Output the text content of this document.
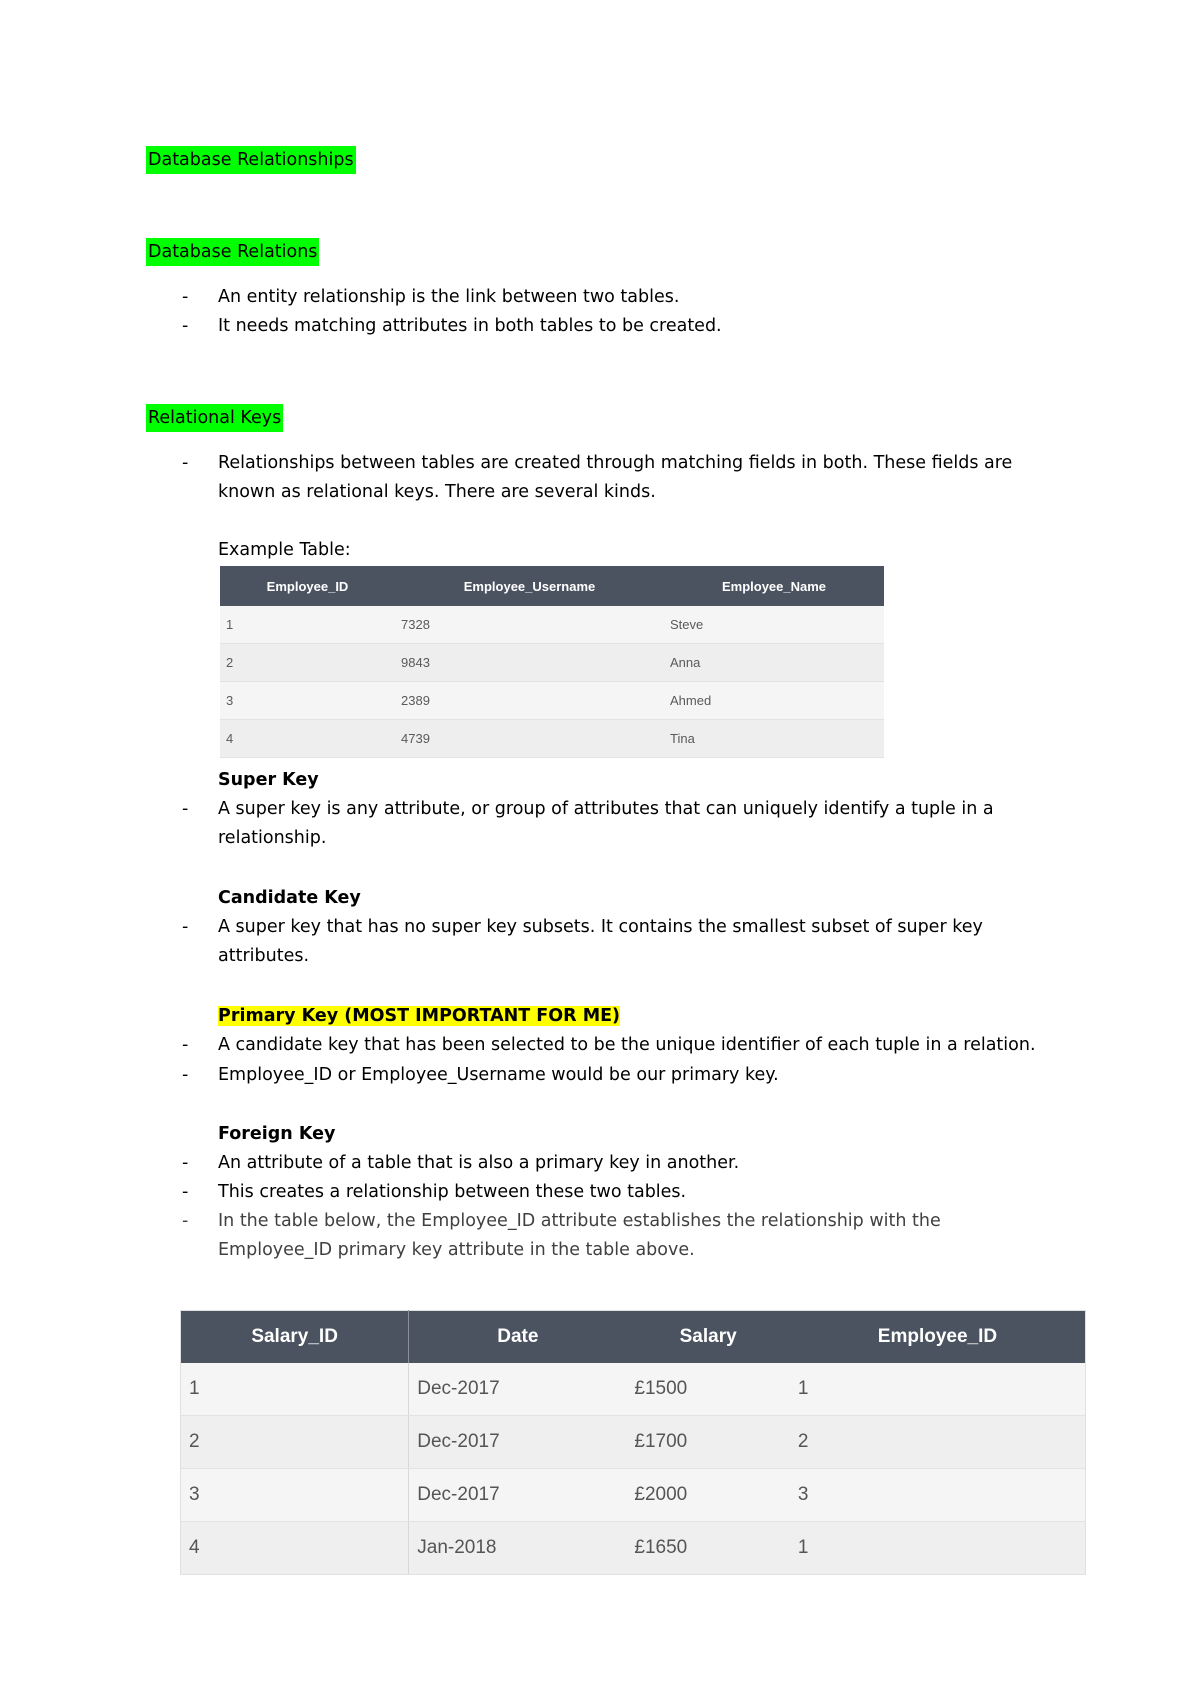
Database Relationships
Database Relations
- An entity relationship is the link between two tables.
- It needs matching attributes in both tables to be created.
Relational Keys
- Relationships between tables are created through matching fields in both. These fields are known as relational keys. There are several kinds.
Example Table:
Employee_ID	Employee_Username	Employee_Name
1	7328	Steve
2	9843	Anna
3	2389	Ahmed
4	4739	Tina
Super Key
- A super key is any attribute, or group of attributes that can uniquely identify a tuple in a relationship.
Candidate Key
- A super key that has no super key subsets. It contains the smallest subset of super key attributes.
Primary Key (MOST IMPORTANT FOR ME)
- A candidate key that has been selected to be the unique identifier of each tuple in a relation.
- Employee_ID or Employee_Username would be our primary key.
Foreign Key
- An attribute of a table that is also a primary key in another.
- This creates a relationship between these two tables.
- In the table below, the Employee_ID attribute establishes the relationship with the Employee_ID primary key attribute in the table above.
Salary_ID	Date	Salary	Employee_ID
1	Dec-2017	£1500	1
2	Dec-2017	£1700	2
3	Dec-2017	£2000	3
4	Jan-2018	£1650	1
